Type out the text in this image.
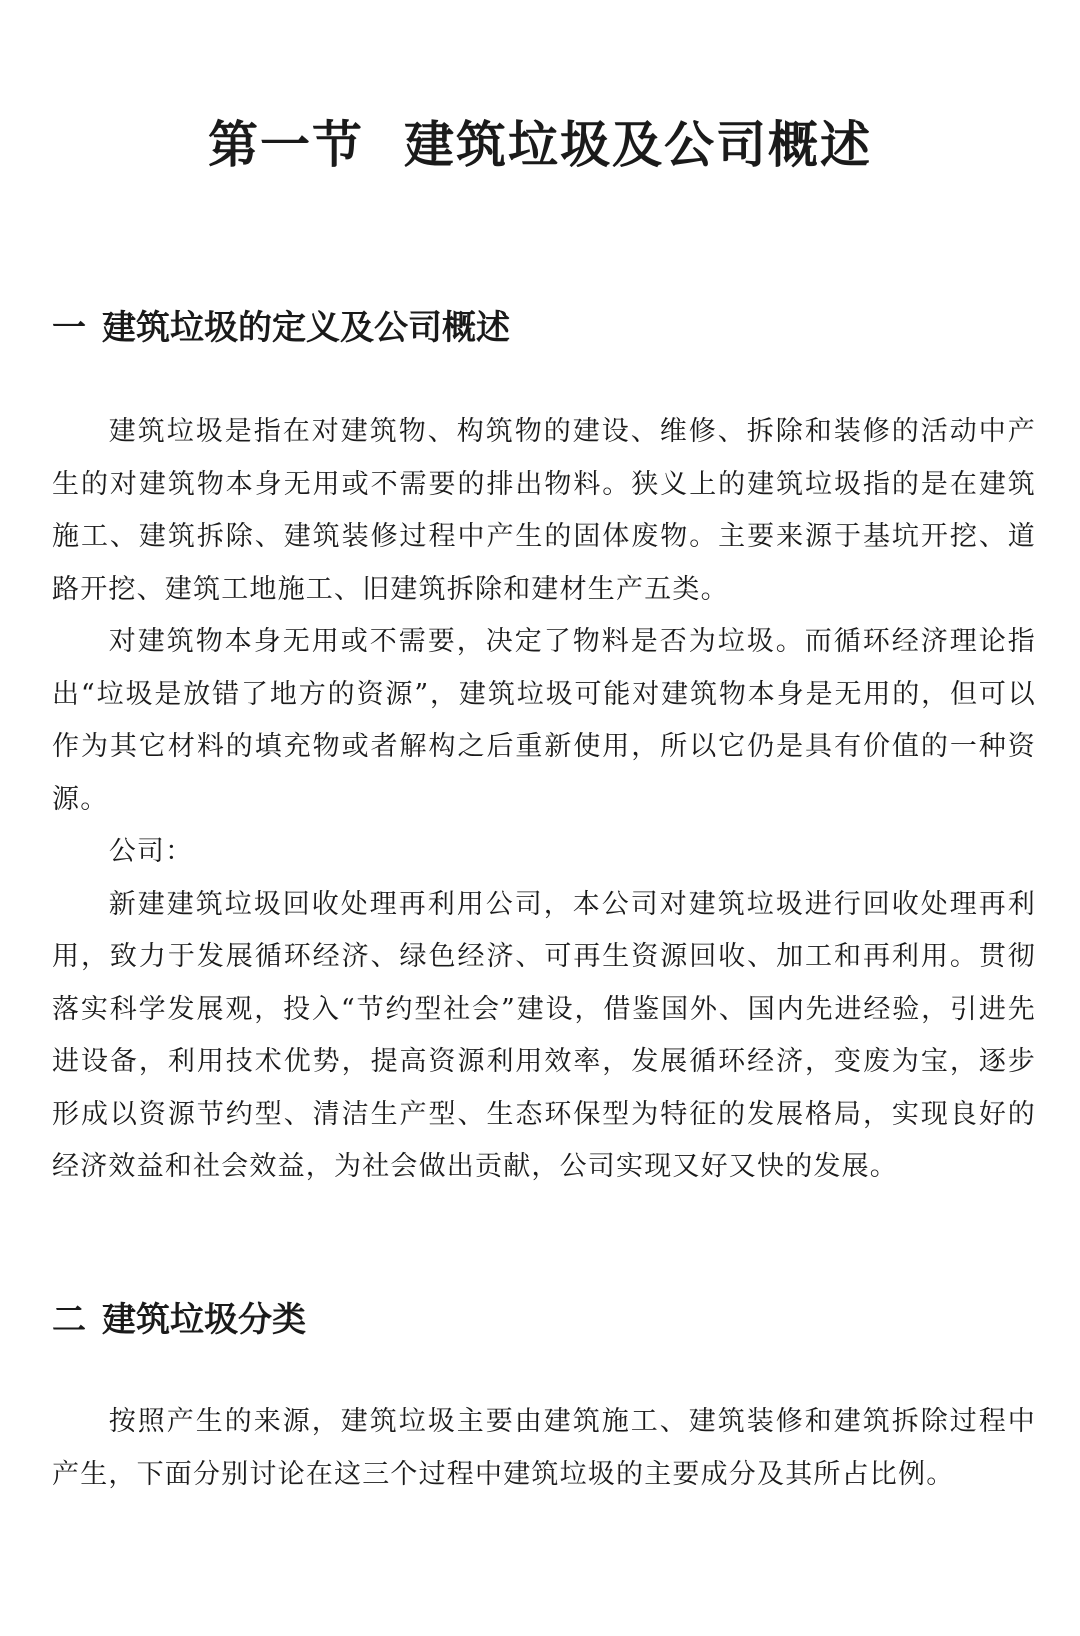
第一节 建筑垃圾及公司概述
一 建筑垃圾的定义及公司概述

建筑垃圾是指在对建筑物、构筑物的建设、维修、拆除和装修的活动中产生的对建筑物本身无用或不需要的排出物料。狭义上的建筑垃圾指的是在建筑施工、建筑拆除、建筑装修过程中产生的固体废物。主要来源于基坑开挖、道路开挖、建筑工地施工、旧建筑拆除和建材生产五类。

对建筑物本身无用或不需要，决定了物料是否为垃圾。而循环经济理论指出“垃圾是放错了地方的资源”，建筑垃圾可能对建筑物本身是无用的，但可以作为其它材料的填充物或者解构之后重新使用，所以它仍是具有价值的一种资源。

公司：

新建建筑垃圾回收处理再利用公司，本公司对建筑垃圾进行回收处理再利用，致力于发展循环经济、绿色经济、可再生资源回收、加工和再利用。贯彻落实科学发展观，投入“节约型社会”建设，借鉴国外、国内先进经验，引进先进设备，利用技术优势，提高资源利用效率，发展循环经济，变废为宝，逐步形成以资源节约型、清洁生产型、生态环保型为特征的发展格局，实现良好的经济效益和社会效益，为社会做出贡献，公司实现又好又快的发展。

二 建筑垃圾分类

按照产生的来源，建筑垃圾主要由建筑施工、建筑装修和建筑拆除过程中产生，下面分别讨论在这三个过程中建筑垃圾的主要成分及其所占比例。
